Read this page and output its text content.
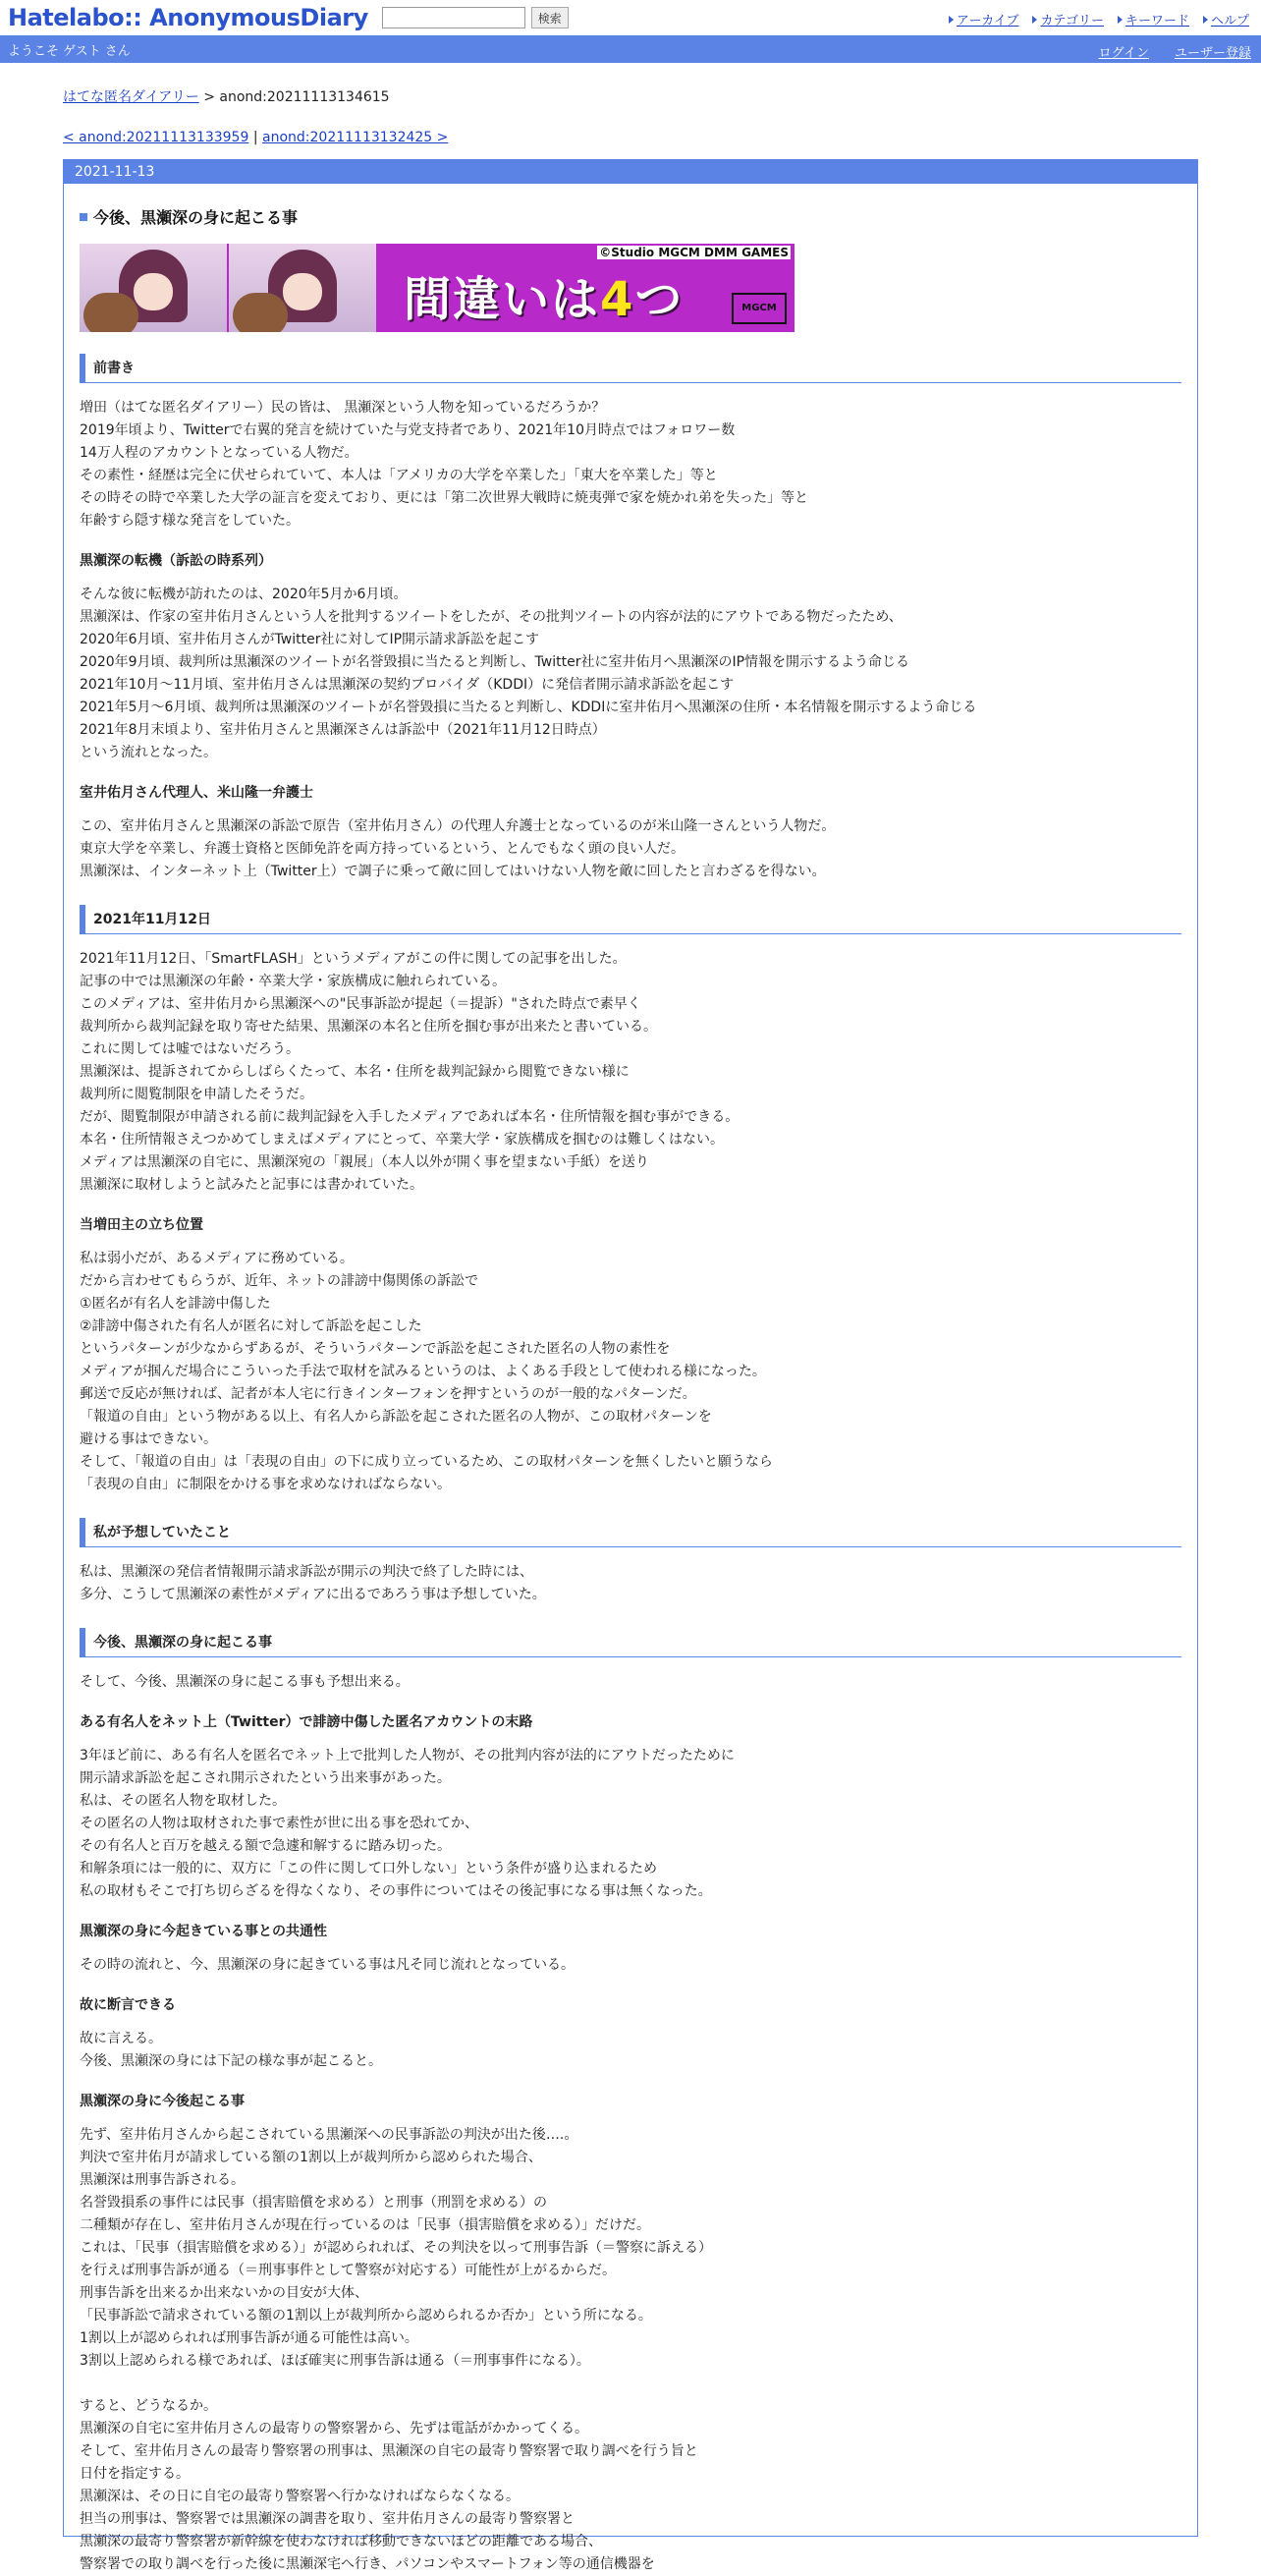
Hatelabo:: AnonymousDiary	検索	アーカイブ カテゴリー キーワード ヘルプ
ようこそ ゲスト さん	ログイン ユーザー登録
はてな匿名ダイアリー > anond:20211113134615
< anond:20211113133959 | anond:20211113132425 >
2021-11-13
今後、黒瀬深の身に起こる事
©Studio MGCM DMM GAMES
間違いは4つ	MGCM
前書き
増田（はてな匿名ダイアリー）民の皆は、 黒瀬深という人物を知っているだろうか？
2019年頃より、Twitterで右翼的発言を続けていた与党支持者であり、2021年10月時点ではフォロワー数
14万人程のアカウントとなっている人物だ。
その素性・経歴は完全に伏せられていて、本人は「アメリカの大学を卒業した」「東大を卒業した」等と
その時その時で卒業した大学の証言を変えており、更には「第二次世界大戦時に焼夷弾で家を焼かれ弟を失った」等と
年齢すら隠す様な発言をしていた。
黒瀬深の転機（訴訟の時系列）
そんな彼に転機が訪れたのは、2020年5月か6月頃。
黒瀬深は、作家の室井佑月さんという人を批判するツイートをしたが、その批判ツイートの内容が法的にアウトである物だったため、
2020年6月頃、室井佑月さんがTwitter社に対してIP開示請求訴訟を起こす
2020年9月頃、裁判所は黒瀬深のツイートが名誉毀損に当たると判断し、Twitter社に室井佑月へ黒瀬深のIP情報を開示するよう命じる
2021年10月～11月頃、室井佑月さんは黒瀬深の契約プロバイダ（KDDI）に発信者開示請求訴訟を起こす
2021年5月～6月頃、裁判所は黒瀬深のツイートが名誉毀損に当たると判断し、KDDIに室井佑月へ黒瀬深の住所・本名情報を開示するよう命じる
2021年8月末頃より、室井佑月さんと黒瀬深さんは訴訟中（2021年11月12日時点）
という流れとなった。
室井佑月さん代理人、米山隆一弁護士
この、室井佑月さんと黒瀬深の訴訟で原告（室井佑月さん）の代理人弁護士となっているのが米山隆一さんという人物だ。
東京大学を卒業し、弁護士資格と医師免許を両方持っているという、とんでもなく頭の良い人だ。
黒瀬深は、インターネット上（Twitter上）で調子に乗って敵に回してはいけない人物を敵に回したと言わざるを得ない。
2021年11月12日
2021年11月12日、「SmartFLASH」というメディアがこの件に関しての記事を出した。
記事の中では黒瀬深の年齢・卒業大学・家族構成に触れられている。
このメディアは、室井佑月から黒瀬深への"民事訴訟が提起（＝提訴）"された時点で素早く
裁判所から裁判記録を取り寄せた結果、黒瀬深の本名と住所を掴む事が出来たと書いている。
これに関しては嘘ではないだろう。
黒瀬深は、提訴されてからしばらくたって、本名・住所を裁判記録から閲覧できない様に
裁判所に閲覧制限を申請したそうだ。
だが、閲覧制限が申請される前に裁判記録を入手したメディアであれば本名・住所情報を掴む事ができる。
本名・住所情報さえつかめてしまえばメディアにとって、卒業大学・家族構成を掴むのは難しくはない。
メディアは黒瀬深の自宅に、黒瀬深宛の「親展」（本人以外が開く事を望まない手紙）を送り
黒瀬深に取材しようと試みたと記事には書かれていた。
当増田主の立ち位置
私は弱小だが、あるメディアに務めている。
だから言わせてもらうが、近年、ネットの誹謗中傷関係の訴訟で
①匿名が有名人を誹謗中傷した
②誹謗中傷された有名人が匿名に対して訴訟を起こした
というパターンが少なからずあるが、そういうパターンで訴訟を起こされた匿名の人物の素性を
メディアが掴んだ場合にこういった手法で取材を試みるというのは、よくある手段として使われる様になった。
郵送で反応が無ければ、記者が本人宅に行きインターフォンを押すというのが一般的なパターンだ。
「報道の自由」という物がある以上、有名人から訴訟を起こされた匿名の人物が、この取材パターンを
避ける事はできない。
そして、「報道の自由」は「表現の自由」の下に成り立っているため、この取材パターンを無くしたいと願うなら
「表現の自由」に制限をかける事を求めなければならない。
私が予想していたこと
私は、黒瀬深の発信者情報開示請求訴訟が開示の判決で終了した時には、
多分、こうして黒瀬深の素性がメディアに出るであろう事は予想していた。
今後、黒瀬深の身に起こる事
そして、今後、黒瀬深の身に起こる事も予想出来る。
ある有名人をネット上（Twitter）で誹謗中傷した匿名アカウントの末路
3年ほど前に、ある有名人を匿名でネット上で批判した人物が、その批判内容が法的にアウトだったために
開示請求訴訟を起こされ開示されたという出来事があった。
私は、その匿名人物を取材した。
その匿名の人物は取材された事で素性が世に出る事を恐れてか、
その有名人と百万を越える額で急遽和解するに踏み切った。
和解条項には一般的に、双方に「この件に関して口外しない」という条件が盛り込まれるため
私の取材もそこで打ち切らざるを得なくなり、その事件についてはその後記事になる事は無くなった。
黒瀬深の身に今起きている事との共通性
その時の流れと、今、黒瀬深の身に起きている事は凡そ同じ流れとなっている。
故に断言できる
故に言える。
今後、黒瀬深の身には下記の様な事が起こると。
黒瀬深の身に今後起こる事
先ず、室井佑月さんから起こされている黒瀬深への民事訴訟の判決が出た後….。
判決で室井佑月が請求している額の1割以上が裁判所から認められた場合、
黒瀬深は刑事告訴される。
名誉毀損系の事件には民事（損害賠償を求める）と刑事（刑罰を求める）の
二種類が存在し、室井佑月さんが現在行っているのは「民事（損害賠償を求める）」だけだ。
これは、「民事（損害賠償を求める）」が認められれば、その判決を以って刑事告訴（＝警察に訴える）
を行えば刑事告訴が通る（＝刑事事件として警察が対応する）可能性が上がるからだ。
刑事告訴を出来るか出来ないかの目安が大体、
「民事訴訟で請求されている額の1割以上が裁判所から認められるか否か」という所になる。
1割以上が認められれば刑事告訴が通る可能性は高い。
3割以上認められる様であれば、ほぼ確実に刑事告訴は通る（＝刑事事件になる）。
すると、どうなるか。
黒瀬深の自宅に室井佑月さんの最寄りの警察署から、先ずは電話がかかってくる。
そして、室井佑月さんの最寄り警察署の刑事は、黒瀬深の自宅の最寄り警察署で取り調べを行う旨と
日付を指定する。
黒瀬深は、その日に自宅の最寄り警察署へ行かなければならなくなる。
担当の刑事は、警察署では黒瀬深の調書を取り、室井佑月さんの最寄り警察署と
黒瀬深の最寄り警察署が新幹線を使わなければ移動できないほどの距離である場合、
警察署での取り調べを行った後に黒瀬深宅へ行き、パソコンやスマートフォン等の通信機器を
